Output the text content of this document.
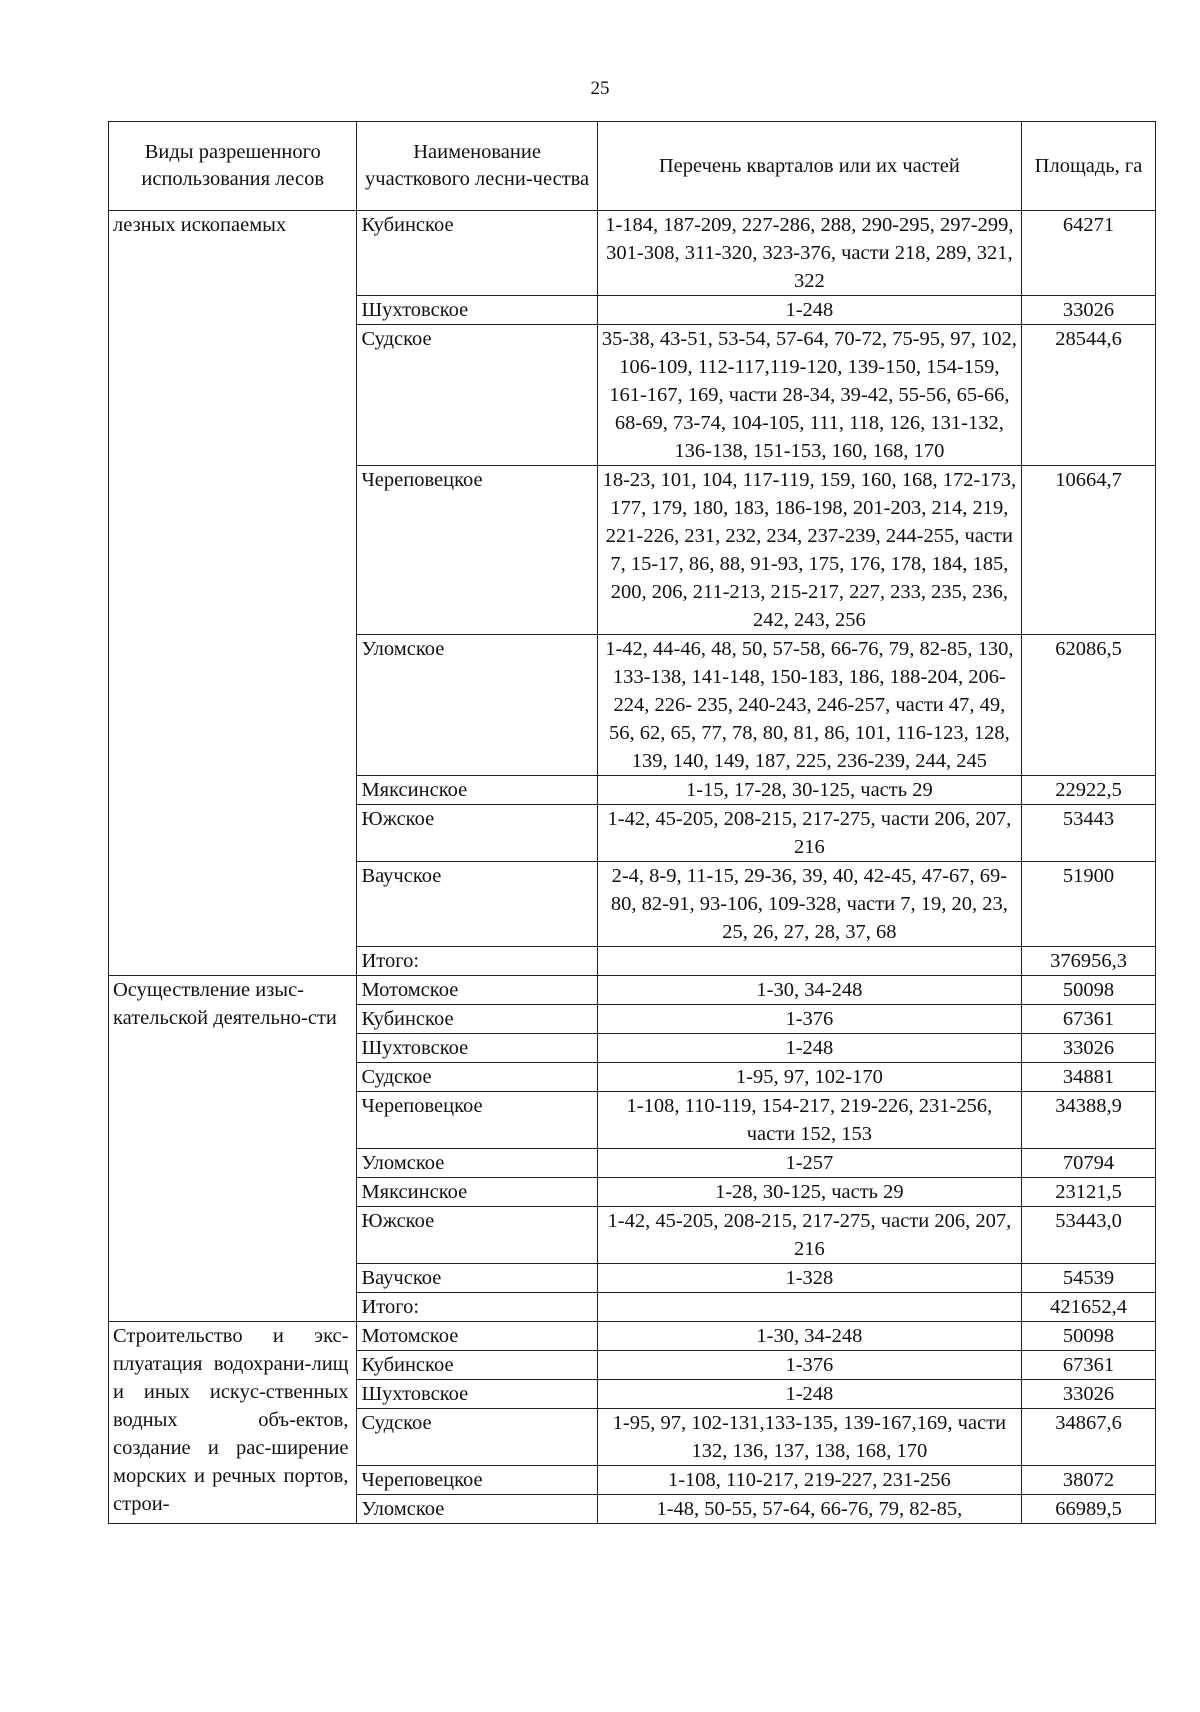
25
Виды разрешенного использования лесов	Наименование участкового лесни-чества	Перечень кварталов или их частей	Площадь, га
лезных ископаемых	Кубинское	1-184, 187-209, 227-286, 288, 290-295, 297-299, 301-308, 311-320, 323-376, части 218, 289, 321, 322	64271
	Шухтовское	1-248	33026
	Судское	35-38, 43-51, 53-54, 57-64, 70-72, 75-95, 97, 102, 106-109, 112-117,119-120, 139-150, 154-159, 161-167, 169, части 28-34, 39-42, 55-56, 65-66, 68-69, 73-74, 104-105, 111, 118, 126, 131-132, 136-138, 151-153, 160, 168, 170	28544,6
	Череповецкое	18-23, 101, 104, 117-119, 159, 160, 168, 172-173, 177, 179, 180, 183, 186-198, 201-203, 214, 219, 221-226, 231, 232, 234, 237-239, 244-255, части 7, 15-17, 86, 88, 91-93, 175, 176, 178, 184, 185, 200, 206, 211-213, 215-217, 227, 233, 235, 236, 242, 243, 256	10664,7
	Уломское	1-42, 44-46, 48, 50, 57-58, 66-76, 79, 82-85, 130, 133-138, 141-148, 150-183, 186, 188-204, 206-224, 226- 235, 240-243, 246-257, части 47, 49, 56, 62, 65, 77, 78, 80, 81, 86, 101, 116-123, 128, 139, 140, 149, 187, 225, 236-239, 244, 245	62086,5
	Мяксинское	1-15, 17-28, 30-125, часть 29	22922,5
	Южское	1-42, 45-205, 208-215, 217-275, части 206, 207, 216	53443
	Ваучское	2-4, 8-9, 11-15, 29-36, 39, 40, 42-45, 47-67, 69-80, 82-91, 93-106, 109-328, части 7, 19, 20, 23, 25, 26, 27, 28, 37, 68	51900
	Итого:		376956,3
Осуществление изыс-кательской деятельно-сти	Мотомское	1-30, 34-248	50098
	Кубинское	1-376	67361
	Шухтовское	1-248	33026
	Судское	1-95, 97, 102-170	34881
	Череповецкое	1-108, 110-119, 154-217, 219-226, 231-256, части 152, 153	34388,9
	Уломское	1-257	70794
	Мяксинское	1-28, 30-125, часть 29	23121,5
	Южское	1-42, 45-205, 208-215, 217-275, части 206, 207, 216	53443,0
	Ваучское	1-328	54539
	Итого:		421652,4
Строительство и экс-плуатация водохрани-лищ и иных искус-ственных водных объ-ектов, создание и рас-ширение морских и речных портов, строи-	Мотомское	1-30, 34-248	50098
	Кубинское	1-376	67361
	Шухтовское	1-248	33026
	Судское	1-95, 97, 102-131,133-135, 139-167,169, части 132, 136, 137, 138, 168, 170	34867,6
	Череповецкое	1-108, 110-217, 219-227, 231-256	38072
	Уломское	1-48, 50-55, 57-64, 66-76, 79, 82-85,	66989,5
